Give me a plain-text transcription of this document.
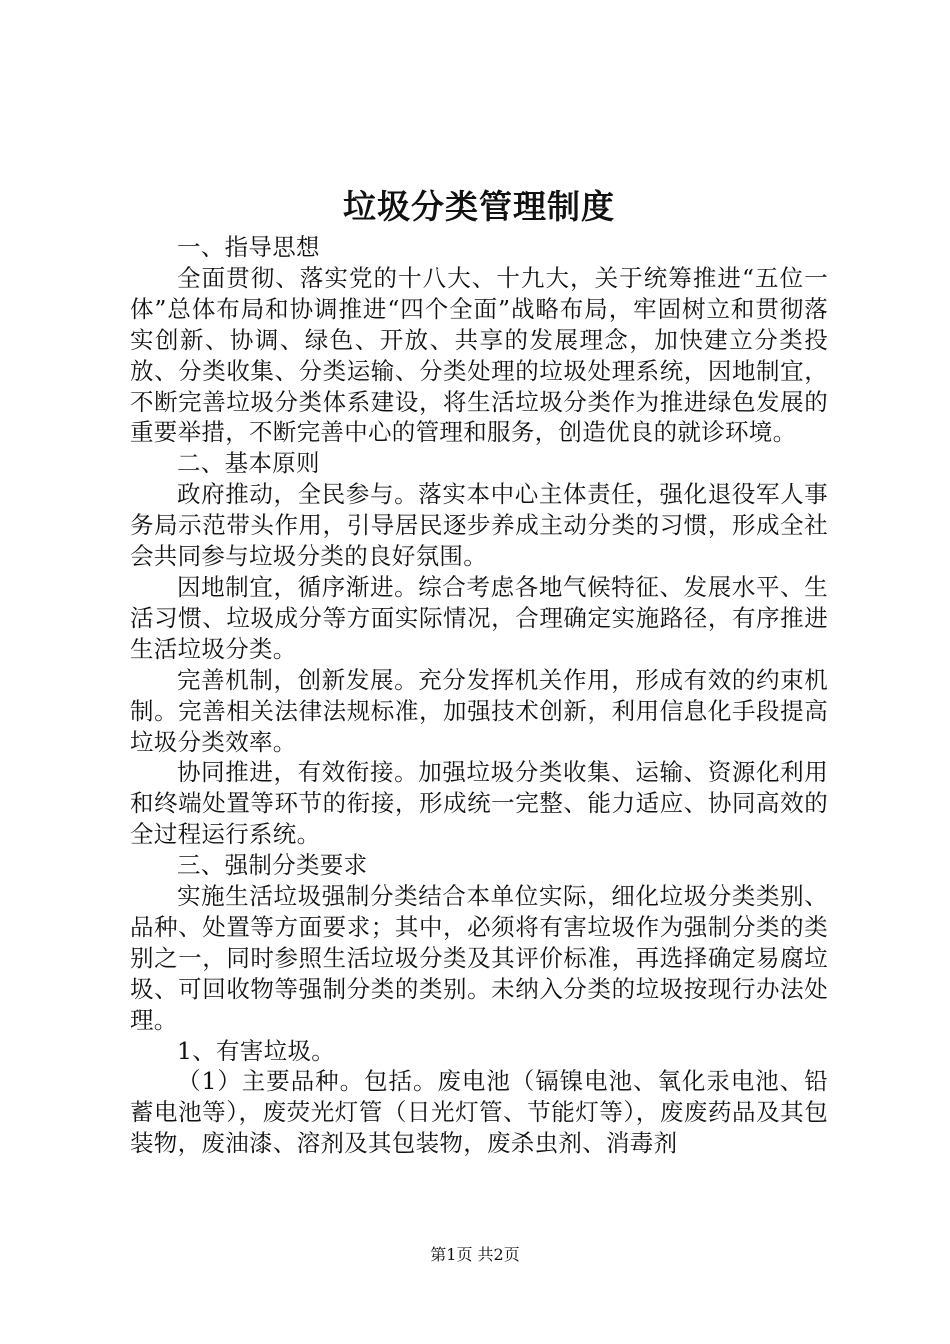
垃圾分类管理制度

一、指导思想

全面贯彻、落实党的十八大、十九大，关于统筹推进“五位一体”总体布局和协调推进“四个全面”战略布局，牢固树立和贯彻落实创新、协调、绿色、开放、共享的发展理念，加快建立分类投放、分类收集、分类运输、分类处理的垃圾处理系统，因地制宜，不断完善垃圾分类体系建设，将生活垃圾分类作为推进绿色发展的重要举措，不断完善中心的管理和服务，创造优良的就诊环境。

二、基本原则

政府推动，全民参与。落实本中心主体责任，强化退役军人事务局示范带头作用，引导居民逐步养成主动分类的习惯，形成全社会共同参与垃圾分类的良好氛围。

因地制宜，循序渐进。综合考虑各地气候特征、发展水平、生活习惯、垃圾成分等方面实际情况，合理确定实施路径，有序推进生活垃圾分类。

完善机制，创新发展。充分发挥机关作用，形成有效的约束机制。完善相关法律法规标准，加强技术创新，利用信息化手段提高垃圾分类效率。

协同推进，有效衔接。加强垃圾分类收集、运输、资源化利用和终端处置等环节的衔接，形成统一完整、能力适应、协同高效的全过程运行系统。

三、强制分类要求

实施生活垃圾强制分类结合本单位实际，细化垃圾分类类别、品种、处置等方面要求；其中，必须将有害垃圾作为强制分类的类别之一，同时参照生活垃圾分类及其评价标准，再选择确定易腐垃圾、可回收物等强制分类的类别。未纳入分类的垃圾按现行办法处理。

1、有害垃圾。

（1）主要品种。包括。废电池（镉镍电池、氧化汞电池、铅蓄电池等），废荧光灯管（日光灯管、节能灯等），废废药品及其包装物，废油漆、溶剂及其包装物，废杀虫剂、消毒剂

第1页 共2页
